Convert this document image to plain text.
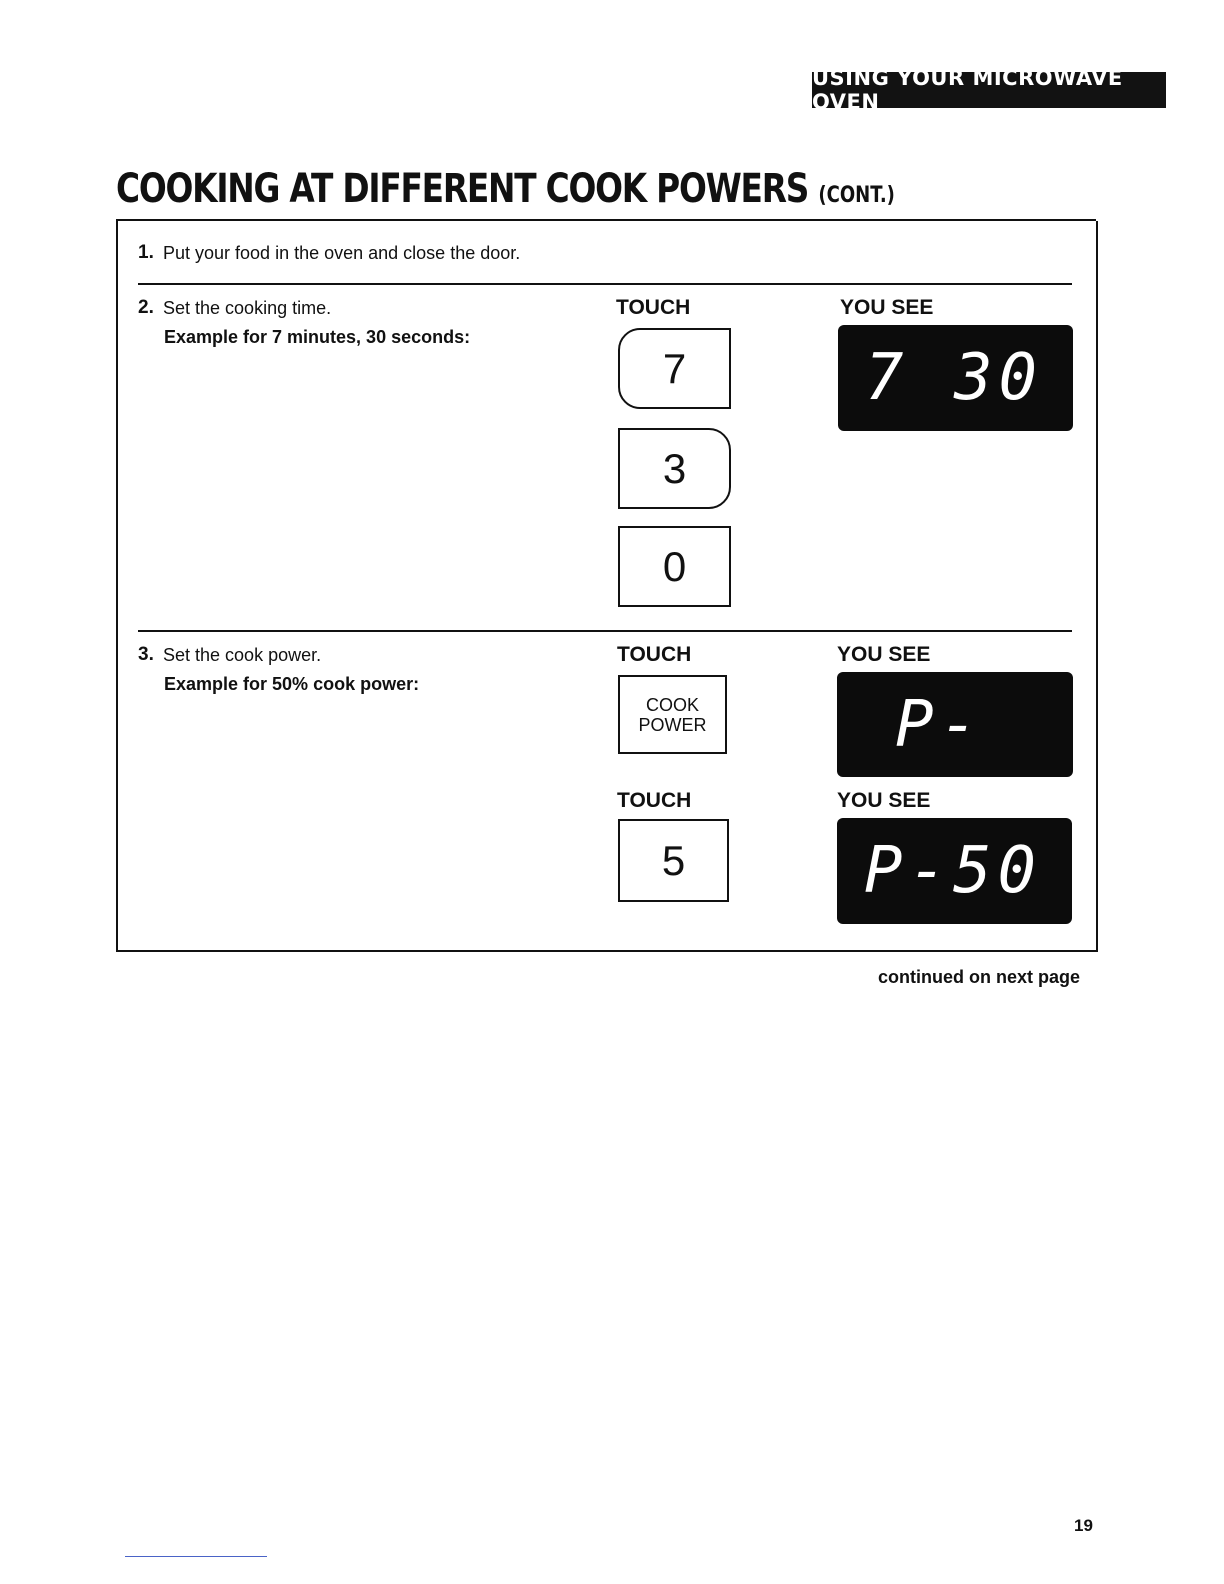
USING YOUR MICROWAVE OVEN
COOKING AT DIFFERENT COOK POWERS (CONT.)
1. Put your food in the oven and close the door.
2. Set the cooking time.
Example for 7 minutes, 30 seconds:
TOUCH	YOU SEE
7
3
0
7 30
3. Set the cook power.
Example for 50% cook power:
TOUCH	YOU SEE
COOK
POWER	P-
TOUCH	YOU SEE
5	P-50
continued on next page
19
